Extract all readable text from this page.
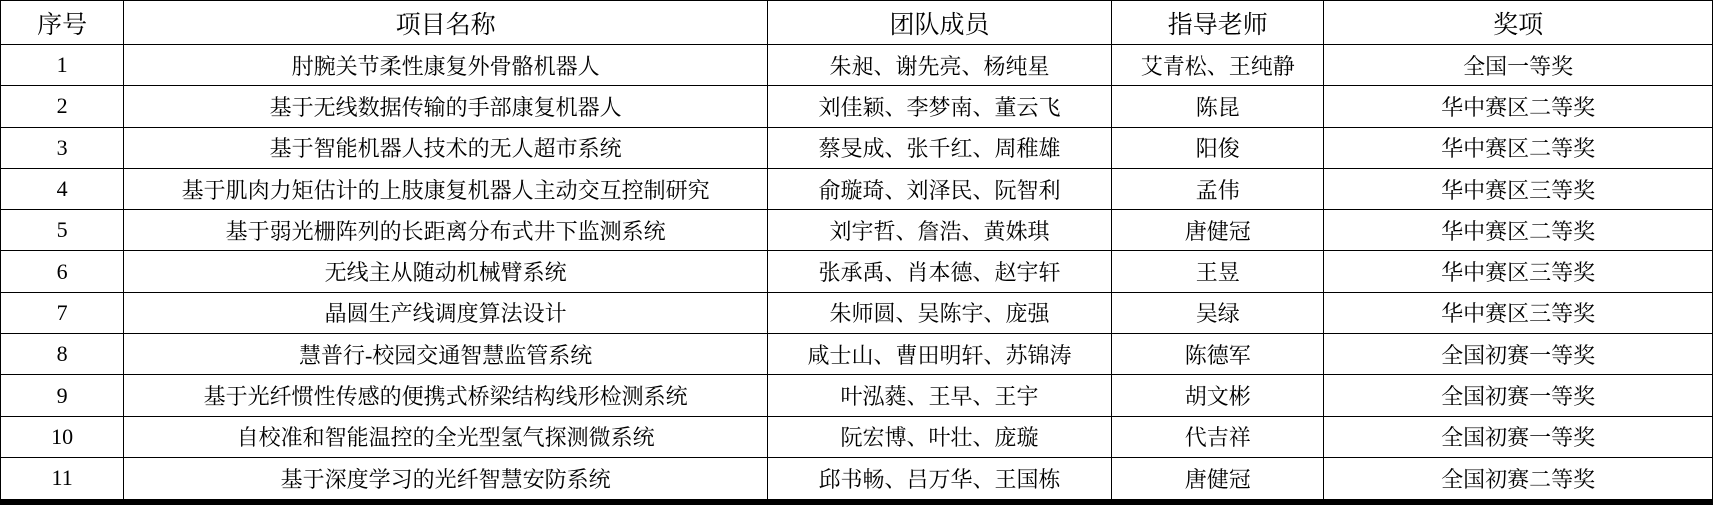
序号	项目名称	团队成员	指导老师	奖项
1	肘腕关节柔性康复外骨骼机器人	朱昶、谢先亮、杨纯星	艾青松、王纯静	全国一等奖
2	基于无线数据传输的手部康复机器人	刘佳颖、李梦南、董云飞	陈昆	华中赛区二等奖
3	基于智能机器人技术的无人超市系统	蔡旻成、张千红、周稚雄	阳俊	华中赛区二等奖
4	基于肌肉力矩估计的上肢康复机器人主动交互控制研究	俞璇琦、刘泽民、阮智利	孟伟	华中赛区三等奖
5	基于弱光栅阵列的长距离分布式井下监测系统	刘宇哲、詹浩、黄姝琪	唐健冠	华中赛区二等奖
6	无线主从随动机械臂系统	张承禹、肖本德、赵宇轩	王昱	华中赛区三等奖
7	晶圆生产线调度算法设计	朱师圆、吴陈宇、庞强	吴绿	华中赛区三等奖
8	慧普行-校园交通智慧监管系统	咸士山、曹田明轩、苏锦涛	陈德军	全国初赛一等奖
9	基于光纤惯性传感的便携式桥梁结构线形检测系统	叶泓蕤、王早、王宇	胡文彬	全国初赛一等奖
10	自校准和智能温控的全光型氢气探测微系统	阮宏博、叶壮、庞璇	代吉祥	全国初赛一等奖
11	基于深度学习的光纤智慧安防系统	邱书畅、吕万华、王国栋	唐健冠	全国初赛二等奖
